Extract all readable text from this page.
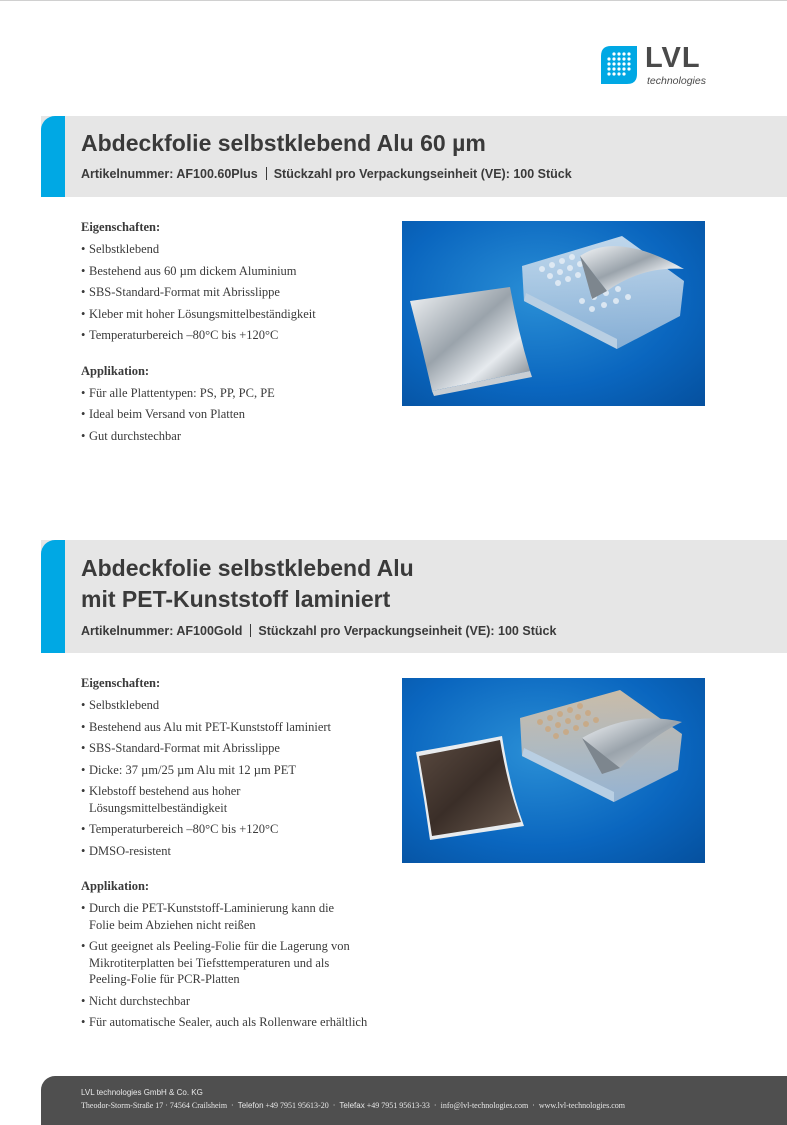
LVL
technologies
Abdeckfolie selbstklebend Alu 60 µm
Artikelnummer: AF100.60Plus Stückzahl pro Verpackungseinheit (VE): 100 Stück
Eigenschaften:
• Selbstklebend
• Bestehend aus 60 µm dickem Aluminium
• SBS-Standard-Format mit Abrisslippe
• Kleber mit hoher Lösungsmittelbeständigkeit
• Temperaturbereich –80°C bis +120°C
Applikation:
• Für alle Plattentypen: PS, PP, PC, PE
• Ideal beim Versand von Platten
• Gut durchstechbar
Abdeckfolie selbstklebend Alu
mit PET-Kunststoff laminiert
Artikelnummer: AF100Gold Stückzahl pro Verpackungseinheit (VE): 100 Stück
Eigenschaften:
• Selbstklebend
• Bestehend aus Alu mit PET-Kunststoff laminiert
• SBS-Standard-Format mit Abrisslippe
• Dicke: 37 µm/25 µm Alu mit 12 µm PET
• Klebstoff bestehend aus hoher
Lösungsmittelbeständigkeit
• Temperaturbereich –80°C bis +120°C
• DMSO-resistent
Applikation:
• Durch die PET-Kunststoff-Laminierung kann die
Folie beim Abziehen nicht reißen
• Gut geeignet als Peeling-Folie für die Lagerung von
Mikrotiterplatten bei Tiefsttemperaturen und als
Peeling-Folie für PCR-Platten
• Nicht durchstechbar
• Für automatische Sealer, auch als Rollenware erhältlich
LVL technologies GmbH & Co. KG
Theodor-Storm-Straße 17 · 74564 Crailsheim  ·  Telefon +49 7951 95613-20  ·  Telefax +49 7951 95613-33  ·  info@lvl-technologies.com  ·  www.lvl-technologies.com
